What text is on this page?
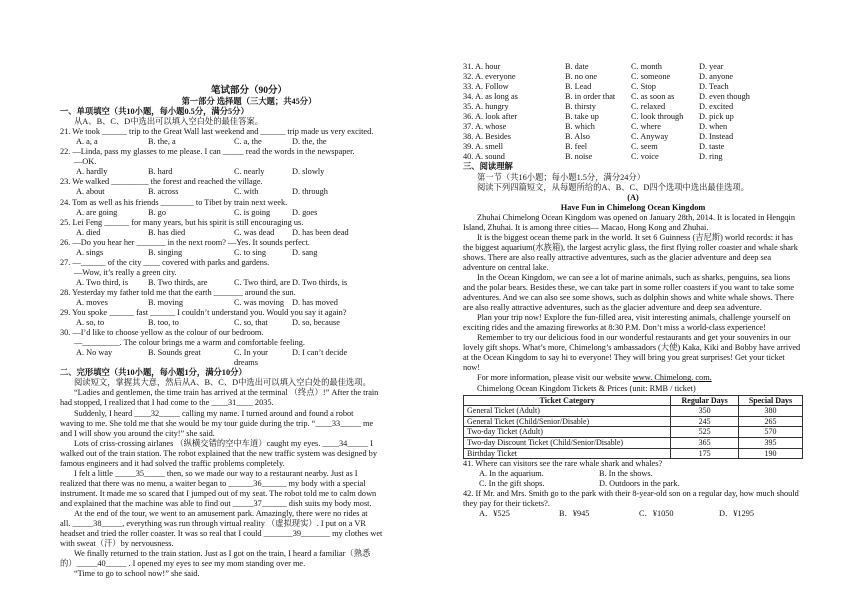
笔试部分（90分）
第一部分 选择题（三大题；共45分）
一、单项填空（共10小题，每小题0.5分，满分5分）
从A、B、C、D中选出可以填入空白处的最佳答案。
21. We took ______ trip to the Great Wall last weekend and ______ trip made us very excited.
A. a, a	B. the, a	C. a, the	D. the, the
22. —Linda, pass my glasses to me please. I can _____ read the words in the newspaper.
—OK.
A. hardly	B. hard	C. nearly	D. slowly
23. We walked _________ the forest and reached the village.
A. about	B. across	C. with	D. through
24. Tom as well as his friends ________ to Tibet by train next week.
A. are going	B. go	C. is going	D. goes
25. Lei Feng ______ for many years, but his spirit is still encouraging us.
A. died	B. has died	C. was dead	D. has been dead
26. —Do you hear her _______ in the next room? —Yes. It sounds perfect.
A. sings	B. singing	C. to sing	D. sang
27. —______ of the city ____ covered with parks and gardens.
—Wow, it’s really a green city.
A. Two third, is	B. Two thirds, are	C. Two third, are D. Two thirds, is
28. Yesterday my father told me that the earth _______ around the sun.
A. moves	B. moving	C. was moving D. has moved
29. You spoke ______ fast ______ I couldn’t understand you. Would you say it again?
A. so, to	B. too, to	C. so, that	D. so, because
30. —I’d like to choose yellow as the colour of our bedroom.
—_________. The colour brings me a warm and comfortable feeling.
A. No way	B. Sounds great	C. In your dreams
D. I can’t decide
二、完形填空（共10小题，每小题1分，满分10分）
阅读短文，掌握其大意，然后从A、B、C、D中选出可以填入空白处的最佳选项。
“Ladies and gentlemen, the time train has arrived at the terminal （终点）!” After the train
had stopped, I realized that I had come to the ____31____ 2035.
Suddenly, I heard ____32_____ calling my name. I turned around and found a robot
waving to me. She told me that she would be my tour guide during the trip. “____33_____ me
and I will show you around the city!” she said.
Lots of criss-crossing airlanes （纵横交错的空中车道）caught my eyes. ____34_____ I
walked out of the train station. The robot explained that the new traffic system was designed by
famous engineers and it had solved the traffic problems completely.
I felt a little _____35_____ then, so we made our way to a restaurant nearby. Just as I
realized that there was no menu, a waiter began to ______36______ my body with a special
instrument. It made me so scared that I jumped out of my seat. The robot told me to calm down
and explained that the machine was able to find out _____37______ dish suits my body most.
At the end of the tour, we went to an amusement park. Amazingly, there were no rides at
all. _____38_____, everything was run through virtual reality （虚拟现实）. I put on a VR
headset and tried the roller coaster. It was so real that I could _______39_______ my clothes wet
with sweat（汗）by nervousness.
We finally returned to the train station. Just as I got on the train, I heard a familiar（熟悉
的）_____40_____ . I opened my eyes to see my mom standing over me.
“Time to go to school now!” she said.
31. A. hour	B. date	C. month	D. year
32. A. everyone	B. no one	C. someone	D. anyone
33. A. Follow	B. Lead	C. Stop	D. Teach
34. A. as long as	B. in order that	C. as soon as	D. even though
35. A. hungry	B. thirsty	C. relaxed	D. excited
36. A. look after	B. take up	C. look through	D. pick up
37. A. whose	B. which	C. where	D. when
38. A. Besides	B. Also	C. Anyway	D. Instead
39. A. smell	B. feel	C. seem	D. taste
40. A. sound	B. noise	C. voice	D. ring
三、阅读理解
第一节（共16小题；每小题1.5分，满分24分）
阅读下列四篇短文，从每题所给的A、B、C、D四个选项中选出最佳选项。
(A)
Have Fun in Chimelong Ocean Kingdom
Zhuhai Chimelong Ocean Kingdom was opened on January 28th, 2014. It is located in Hengqin Island, Zhuhai. It is among three cities— Macao, Hong Kong and Zhuhai.
It is the biggest ocean theme park in the world. It set 6 Guinness (吉尼斯) world records: it has the biggest aquarium(水族箱), the largest acrylic glass, the first flying roller coaster and whale shark shows. There are also really attractive adventures, such as the glacier adventure and deep sea adventure on central lake.
In the Ocean Kingdom, we can see a lot of marine animals, such as sharks, penguins, sea lions and the polar bears. Besides these, we can take part in some roller coasters if you want to take some adventures. And we can also see some shows, such as dolphin shows and white whale shows. There are also really attractive adventures, such as the glacier adventure and deep sea adventure.
Plan your trip now! Explore the fun-filled area, visit interesting animals, challenge yourself on exciting rides and the amazing fireworks at 8:30 P.M. Don’t miss a world-class experience!
Remember to try our delicious food in our wonderful restaurants and get your souvenirs in our lovely gift shops. What’s more, Chimelong’s ambassadors (大使) Kaka, Kiki and Bobby have arrived at the Ocean Kingdom to say hi to everyone! They will bring you great surprises! Get your ticket now!
For more information, please visit our website www. Chimelong. com.
Chimelong Ocean Kingdom Tickets & Prices (unit: RMB / ticket)
Ticket Category	Regular Days	Special Days
General Ticket (Adult)	350	380
General Ticket (Child/Senior/Disable)	245	265
Two-day Ticket (Adult)	525	570
Two-day Discount Ticket (Child/Senior/Disable)	365	395
Birthday Ticket	175	190
41. Where can visitors see the rare whale shark and whales?
A. In the aquarium.	B. In the shows.
C. In the gift shops.	D. Outdoors in the park.
42. If Mr. and Mrs. Smith go to the park with their 8-year-old son on a regular day, how much should they pay for their tickets?.
A．¥525	B．¥945	C．¥1050	D．¥1295
